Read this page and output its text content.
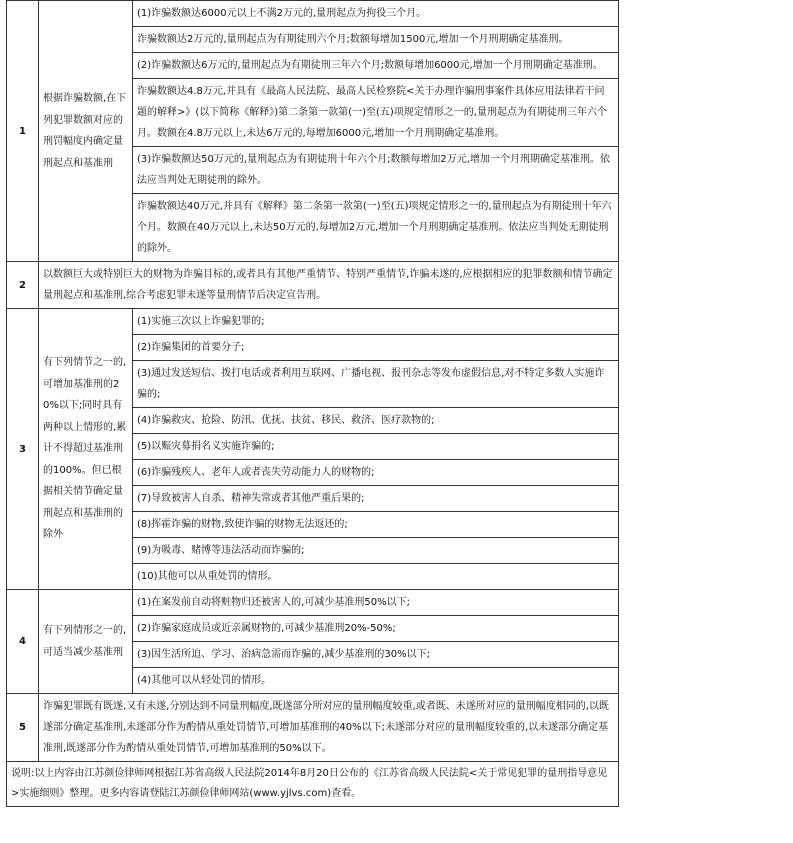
1	根据诈骗数额,在下列犯罪数额对应的刑罚幅度内确定量刑起点和基准刑	(1)诈骗数额达6000元以上不满2万元的,量刑起点为拘役三个月。
		诈骗数额达2万元的,量刑起点为有期徒刑六个月;数额每增加1500元,增加一个月刑期确定基准刑。
		(2)诈骗数额达6万元的,量刑起点为有期徒刑三年六个月;数额每增加6000元,增加一个月刑期确定基准刑。
		诈骗数额达4.8万元,并具有《最高人民法院、最高人民检察院<关于办理诈骗刑事案件具体应用法律若干问题的解释>》(以下简称《解释》)第二条第一款第(一)至(五)项规定情形之一的,量刑起点为有期徒刑三年六个月。数额在4.8万元以上,未达6万元的,每增加6000元,增加一个月刑期确定基准刑。
		(3)诈骗数额达50万元的,量刑起点为有期徒刑十年六个月;数额每增加2万元,增加一个月刑期确定基准刑。依法应当判处无期徒刑的除外。
		诈骗数额达40万元,并具有《解释》第二条第一款第(一)至(五)项规定情形之一的,量刑起点为有期徒刑十年六个月。数额在40万元以上,未达50万元的,每增加2万元,增加一个月刑期确定基准刑。依法应当判处无期徒刑的除外。
2	以数额巨大或特别巨大的财物为诈骗目标的,或者具有其他严重情节、特别严重情节,诈骗未遂的,应根据相应的犯罪数额和情节确定量刑起点和基准刑,综合考虑犯罪未遂等量刑情节后决定宣告刑。	
3	有下列情节之一的,可增加基准刑的20%以下;同时具有两种以上情形的,累计不得超过基准刑的100%。但已根据相关情节确定量刑起点和基准刑的除外	(1)实施三次以上诈骗犯罪的;
		(2)诈骗集团的首要分子;
		(3)通过发送短信、拨打电话或者利用互联网、广播电视、报刊杂志等发布虚假信息,对不特定多数人实施诈骗的;
		(4)诈骗救灾、抢险、防汛、优抚、扶贫、移民、救济、医疗款物的;
		(5)以赈灾募捐名义实施诈骗的;
		(6)诈骗残疾人、老年人或者丧失劳动能力人的财物的;
		(7)导致被害人自杀、精神失常或者其他严重后果的;
		(8)挥霍诈骗的财物,致使诈骗的财物无法返还的;
		(9)为吸毒、赌博等违法活动而诈骗的;
		(10)其他可以从重处罚的情形。
4	有下列情形之一的,可适当减少基准刑	(1)在案发前自动将赃物归还被害人的,可减少基准刑50%以下;
		(2)诈骗家庭成员或近亲属财物的,可减少基准刑20%-50%;
		(3)因生活所迫、学习、治病急需而诈骗的,减少基准刑的30%以下;
		(4)其他可以从轻处罚的情形。
5	诈骗犯罪既有既遂,又有未遂,分别达到不同量刑幅度,既遂部分所对应的量刑幅度较重,或者既、未遂所对应的量刑幅度相同的,以既遂部分确定基准刑,未遂部分作为酌情从重处罚情节,可增加基准刑的40%以下;未遂部分对应的量刑幅度较重的,以未遂部分确定基准刑,既遂部分作为酌情从重处罚情节,可增加基准刑的50%以下。	
说明:以上内容由江苏颜俭律师网根据江苏省高级人民法院2014年8月20日公布的《江苏省高级人民法院<关于常见犯罪的量刑指导意见>实施细则》整理。更多内容请登陆江苏颜俭律师网站(www.yjlvs.com)查看。		
